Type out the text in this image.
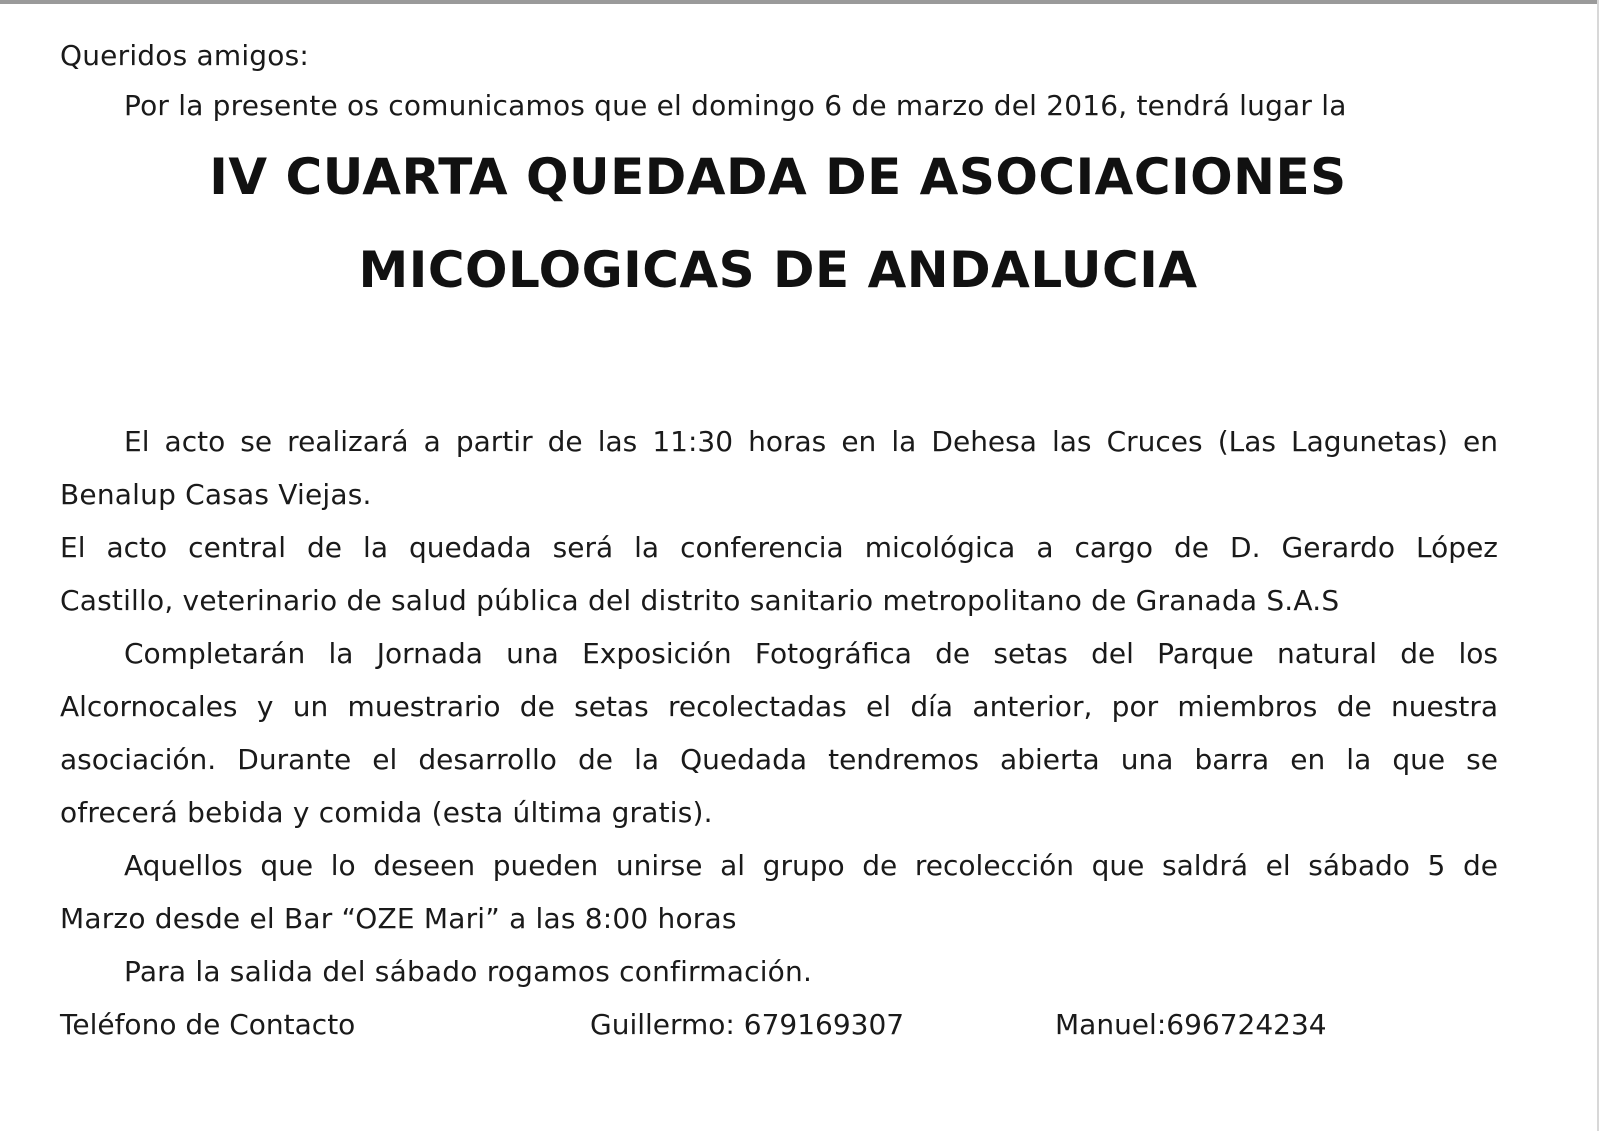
Queridos amigos:
Por la presente os comunicamos que el domingo 6 de marzo del 2016, tendrá lugar la
IV CUARTA QUEDADA DE ASOCIACIONES
MICOLOGICAS DE ANDALUCIA
El acto se realizará a partir de las 11:30 horas en la Dehesa las Cruces (Las Lagunetas) en
Benalup Casas Viejas.
El acto central de la quedada será la conferencia micológica a cargo de D. Gerardo López
Castillo, veterinario de salud pública del distrito sanitario metropolitano de Granada S.A.S
Completarán la Jornada una Exposición Fotográfica de setas del Parque natural de los
Alcornocales y un muestrario de setas recolectadas el día anterior, por miembros de nuestra
asociación. Durante el desarrollo de la Quedada tendremos abierta una barra en la que se
ofrecerá bebida y comida (esta última gratis).
Aquellos que lo deseen pueden unirse al grupo de recolección que saldrá el sábado 5 de
Marzo desde el Bar “OZE Mari” a las 8:00 horas
Para la salida del sábado rogamos confirmación.
Teléfono de Contacto	Guillermo: 679169307	Manuel:696724234
